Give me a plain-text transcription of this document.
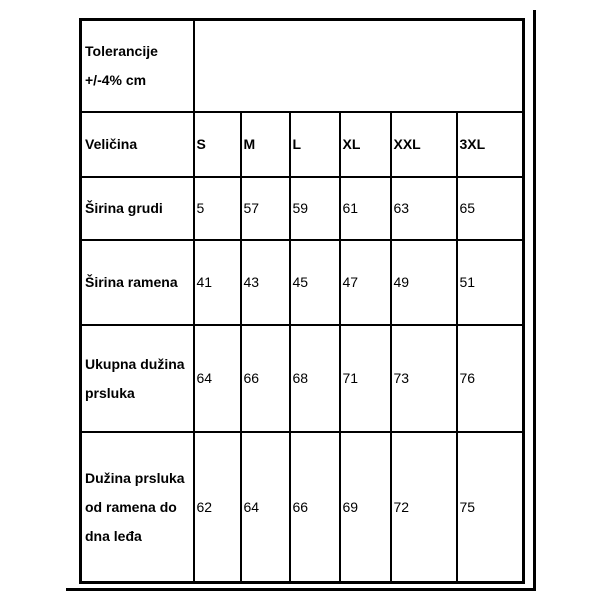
Tolerancije +/-4% cm						
Veličina	S	M	L	XL	XXL	3XL
Širina grudi	5	57	59	61	63	65
Širina ramena	41	43	45	47	49	51
Ukupna dužina prsluka	64	66	68	71	73	76
Dužina prsluka od ramena do dna leđa	62	64	66	69	72	75
